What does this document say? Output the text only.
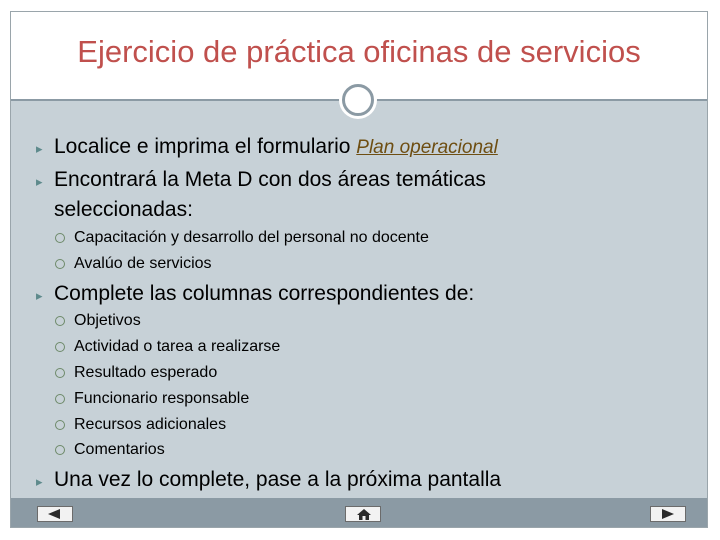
Ejercicio de práctica oficinas de servicios
▸ Localice e imprima el formulario Plan operacional
▸ Encontrará la Meta D con dos áreas temáticas
seleccionadas:
Capacitación y desarrollo del personal no docente
Avalúo de servicios
▸ Complete las columnas correspondientes de:
Objetivos
Actividad o tarea a realizarse
Resultado esperado
Funcionario responsable
Recursos adicionales
Comentarios
▸ Una vez lo complete, pase a la próxima pantalla
